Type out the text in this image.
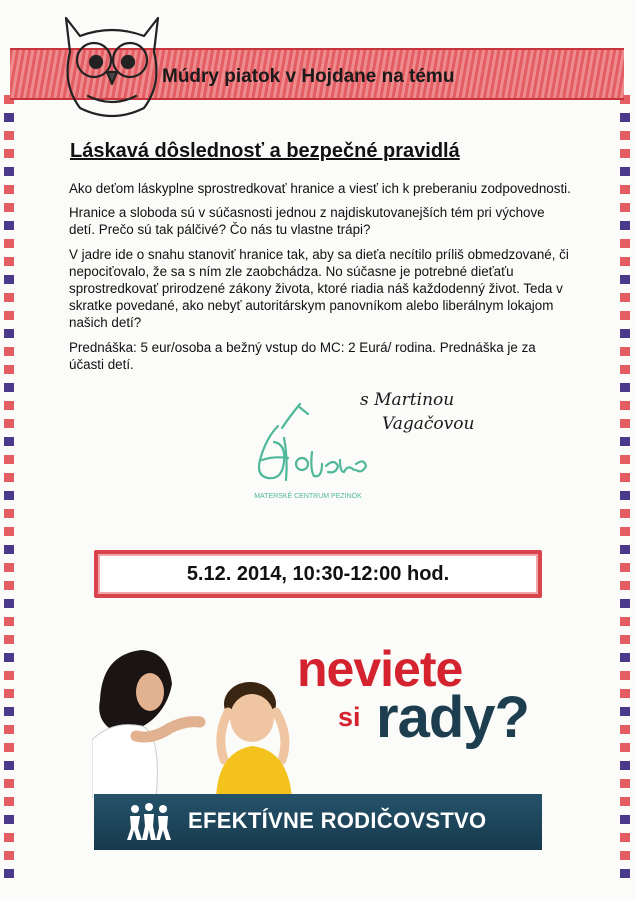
Múdry piatok v Hojdane na tému
Láskavá dôslednosť a bezpečné pravidlá

Ako deťom láskyplne sprostredkovať hranice a viesť ich k preberaniu zodpovednosti.

Hranice a sloboda sú v súčasnosti jednou z najdiskutovanejších tém pri výchove detí. Prečo sú tak pálčivé? Čo nás tu vlastne trápi?

V jadre ide o snahu stanoviť hranice tak, aby sa dieťa necítilo príliš obmedzované, či nepociťovalo, že sa s ním zle zaobchádza. No súčasne je potrebné dieťaťu sprostredkovať prirodzené zákony života, ktoré riadia náš každodenný život. Teda v skratke povedané, ako nebyť autoritárskym panovníkom alebo liberálnym lokajom našich detí?

Prednáška: 5 eur/osoba a bežný vstup do MC: 2 Eurá/ rodina. Prednáška je za účasti detí.

s Martinou

Vagačovou
MATERSKÉ CENTRUM PEZINOK
5.12. 2014, 10:30-12:00 hod.
neviete
si rady?
EFEKTÍVNE RODIČOVSTVO
